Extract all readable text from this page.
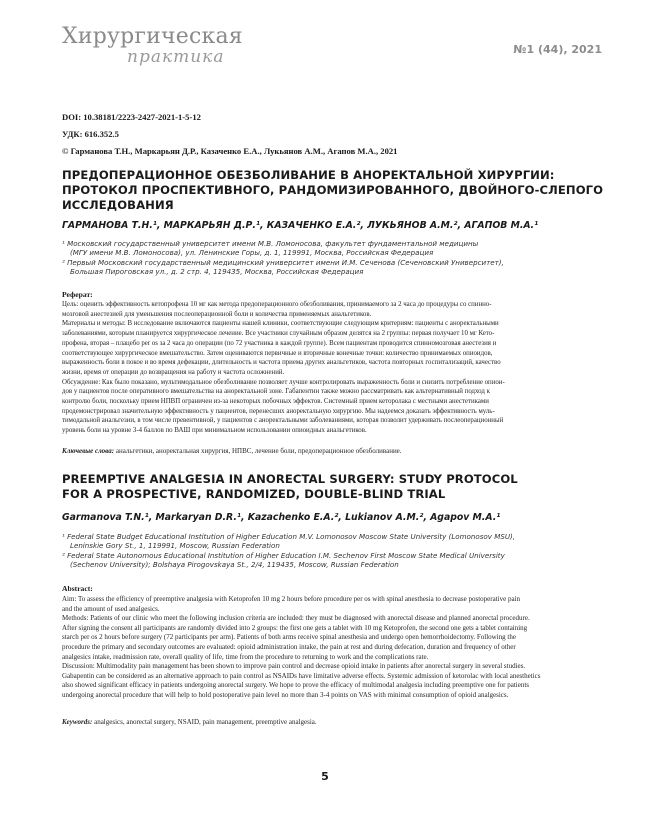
Хирургическая
практика	№1 (44), 2021
DOI: 10.38181/2223-2427-2021-1-5-12
УДК: 616.352.5
© Гарманова Т.Н., Маркарьян Д.Р., Казаченко Е.А., Лукьянов А.М., Агапов М.А., 2021
ПРЕДОПЕРАЦИОННОЕ ОБЕЗБОЛИВАНИЕ В АНОРЕКТАЛЬНОЙ ХИРУРГИИ:
ПРОТОКОЛ ПРОСПЕКТИВНОГО, РАНДОМИЗИРОВАННОГО, ДВОЙНОГО-СЛЕПОГО
ИССЛЕДОВАНИЯ
ГАРМАНОВА Т.Н.¹, МАРКАРЬЯН Д.Р.¹, КАЗАЧЕНКО Е.А.², ЛУКЬЯНОВ А.М.², АГАПОВ М.А.¹
¹ Московский государственный университет имени М.В. Ломоносова, факультет фундаментальной медицины
(МГУ имени М.В. Ломоносова), ул. Ленинские Горы, д. 1, 119991, Москва, Российская Федерация
² Первый Московский государственный медицинский университет имени И.М. Сеченова (Сеченовский Университет),
Большая Пироговская ул., д. 2 стр. 4, 119435, Москва, Российская Федерация
Реферат:
Цель: оценить эффективность кетопрофена 10 мг как метода предоперационного обезболивания, принимаемого за 2 часа до процедуры со спинно-
мозговой анестезией для уменьшения послеоперационной боли и количества применяемых анальгетиков.
Материалы и методы: В исследование включаются пациенты нашей клиники, соответствующие следующим критериям: пациенты с аноректальными
заболеваниями, которым планируется хирургическое лечение. Все участники случайным образом делятся на 2 группы: первая получает 10 мг Кето-
профена, вторая – плацебо per os за 2 часа до операции (по 72 участника в каждой группе). Всем пациентам проводится спинномозговая анестезия и
соответствующее хирургическое вмешательство. Затем оцениваются первичные и вторичные конечные точки: количество принимаемых опиоидов,
выраженность боли в покое и во время дефекации, длительность и частота приема других анальгетиков, частота повторных госпитализаций, качество
жизни, время от операции до возвращения на работу и частота осложнений.
Обсуждение: Как было показано, мультимодальное обезболивание позволяет лучше контролировать выраженность боли и снизить потребление опиои-
дов у пациентов после оперативного вмешательства на аноректальной зоне. Габапентин также можно рассматривать как альтернативный подход к
контролю боли, поскольку прием НПВП ограничен из-за некоторых побочных эффектов. Системный прием кеторолака с местными анестетиками
продемонстрировал значительную эффективность у пациентов, перенесших аноректальную хирургию. Мы надеемся доказать эффективность муль-
тимодальной анальгезии, в том числе превентивной, у пациентов с аноректальными заболеваниями, которая позволит удерживать послеоперационный
уровень боли на уровне 3-4 баллов по ВАШ при минимальном использовании опиоидных анальгетиков.
Ключевые слова: анальгетики, аноректальная хирургия, НПВС, лечение боли, предоперационное обезболивание.
PREEMPTIVE ANALGESIA IN ANORECTAL SURGERY: STUDY PROTOCOL
FOR A PROSPECTIVE, RANDOMIZED, DOUBLE-BLIND TRIAL
Garmanova T.N.¹, Markaryan D.R.¹, Kazachenko E.A.², Lukianov A.M.², Agapov M.A.¹
¹ Federal State Budget Educational Institution of Higher Education M.V. Lomonosov Moscow State University (Lomonosov MSU),
Leninskie Gory St., 1, 119991, Moscow, Russian Federation
² Federal State Autonomous Educational Institution of Higher Education I.M. Sechenov First Moscow State Medical University
(Sechenov University); Bolshaya Pirogovskaya St., 2/4, 119435, Moscow, Russian Federation
Abstract:
Aim: To assess the efficiency of preemptive analgesia with Ketoprofen 10 mg 2 hours before procedure per os with spinal anesthesia to decrease postoperative pain
and the amount of used analgesics.
Methods: Patients of our clinic who meet the following inclusion criteria are included: they must be diagnosed with anorectal disease and planned anorectal procedure.
After signing the consent all participants are randomly divided into 2 groups: the first one gets a tablet with 10 mg Ketoprofen, the second one gets a tablet containing
starch per os 2 hours before surgery (72 participants per arm). Patients of both arms receive spinal anesthesia and undergo open hemorrhoidectomy. Following the
procedure the primary and secondary outcomes are evaluated: opioid administration intake, the pain at rest and during defecation, duration and frequency of other
analgesics intake, readmission rate, overall quality of life, time from the procedure to returning to work and the complications rate.
Discussion: Multimodality pain management has been shown to improve pain control and decrease opioid intake in patients after anorectal surgery in several studies.
Gabapentin can be considered as an alternative approach to pain control as NSAIDs have limitative adverse effects. Systemic admission of ketorolac with local anesthetics
also showed significant efficacy in patients undergoing anorectal surgery. We hope to prove the efficacy of multimodal analgesia including preemptive one for patients
undergoing anorectal procedure that will help to hold postoperative pain level no more than 3-4 points on VAS with minimal consumption of opioid analgesics.
Keywords: analgesics, anorectal surgery, NSAID, pain management, preemptive analgesia.
5
